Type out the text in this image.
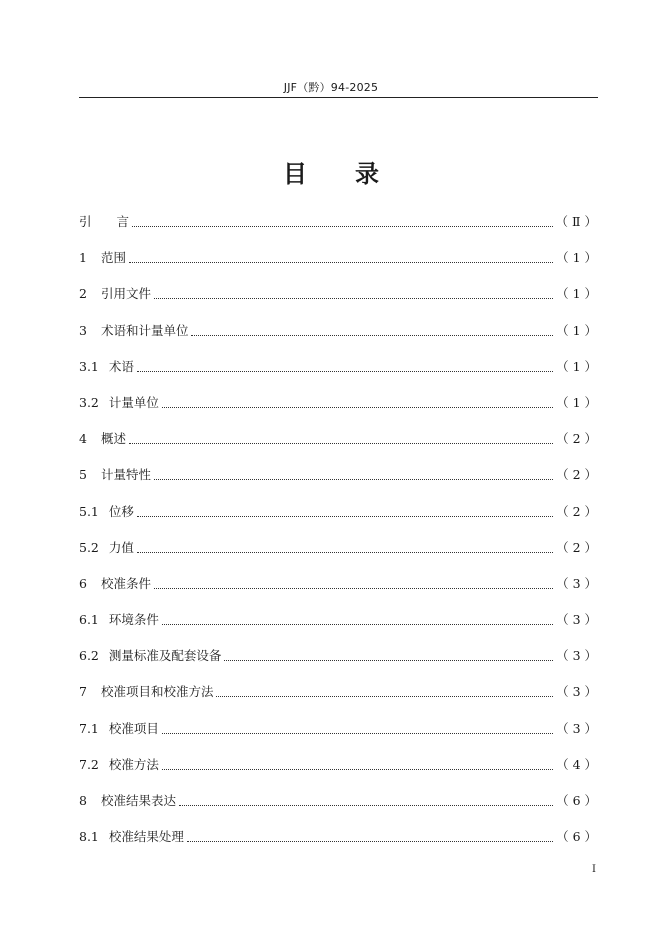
JJF（黔）94-2025
目 录
引　　言	（ Ⅱ ）
1 范围	（ 1 ）
2 引用文件	（ 1 ）
3 术语和计量单位	（ 1 ）
3.1 术语	（ 1 ）
3.2 计量单位	（ 1 ）
4 概述	（ 2 ）
5 计量特性	（ 2 ）
5.1 位移	（ 2 ）
5.2 力值	（ 2 ）
6 校准条件	（ 3 ）
6.1 环境条件	（ 3 ）
6.2 测量标准及配套设备	（ 3 ）
7 校准项目和校准方法	（ 3 ）
7.1 校准项目	（ 3 ）
7.2 校准方法	（ 4 ）
8 校准结果表达	（ 6 ）
8.1 校准结果处理	（ 6 ）
I
